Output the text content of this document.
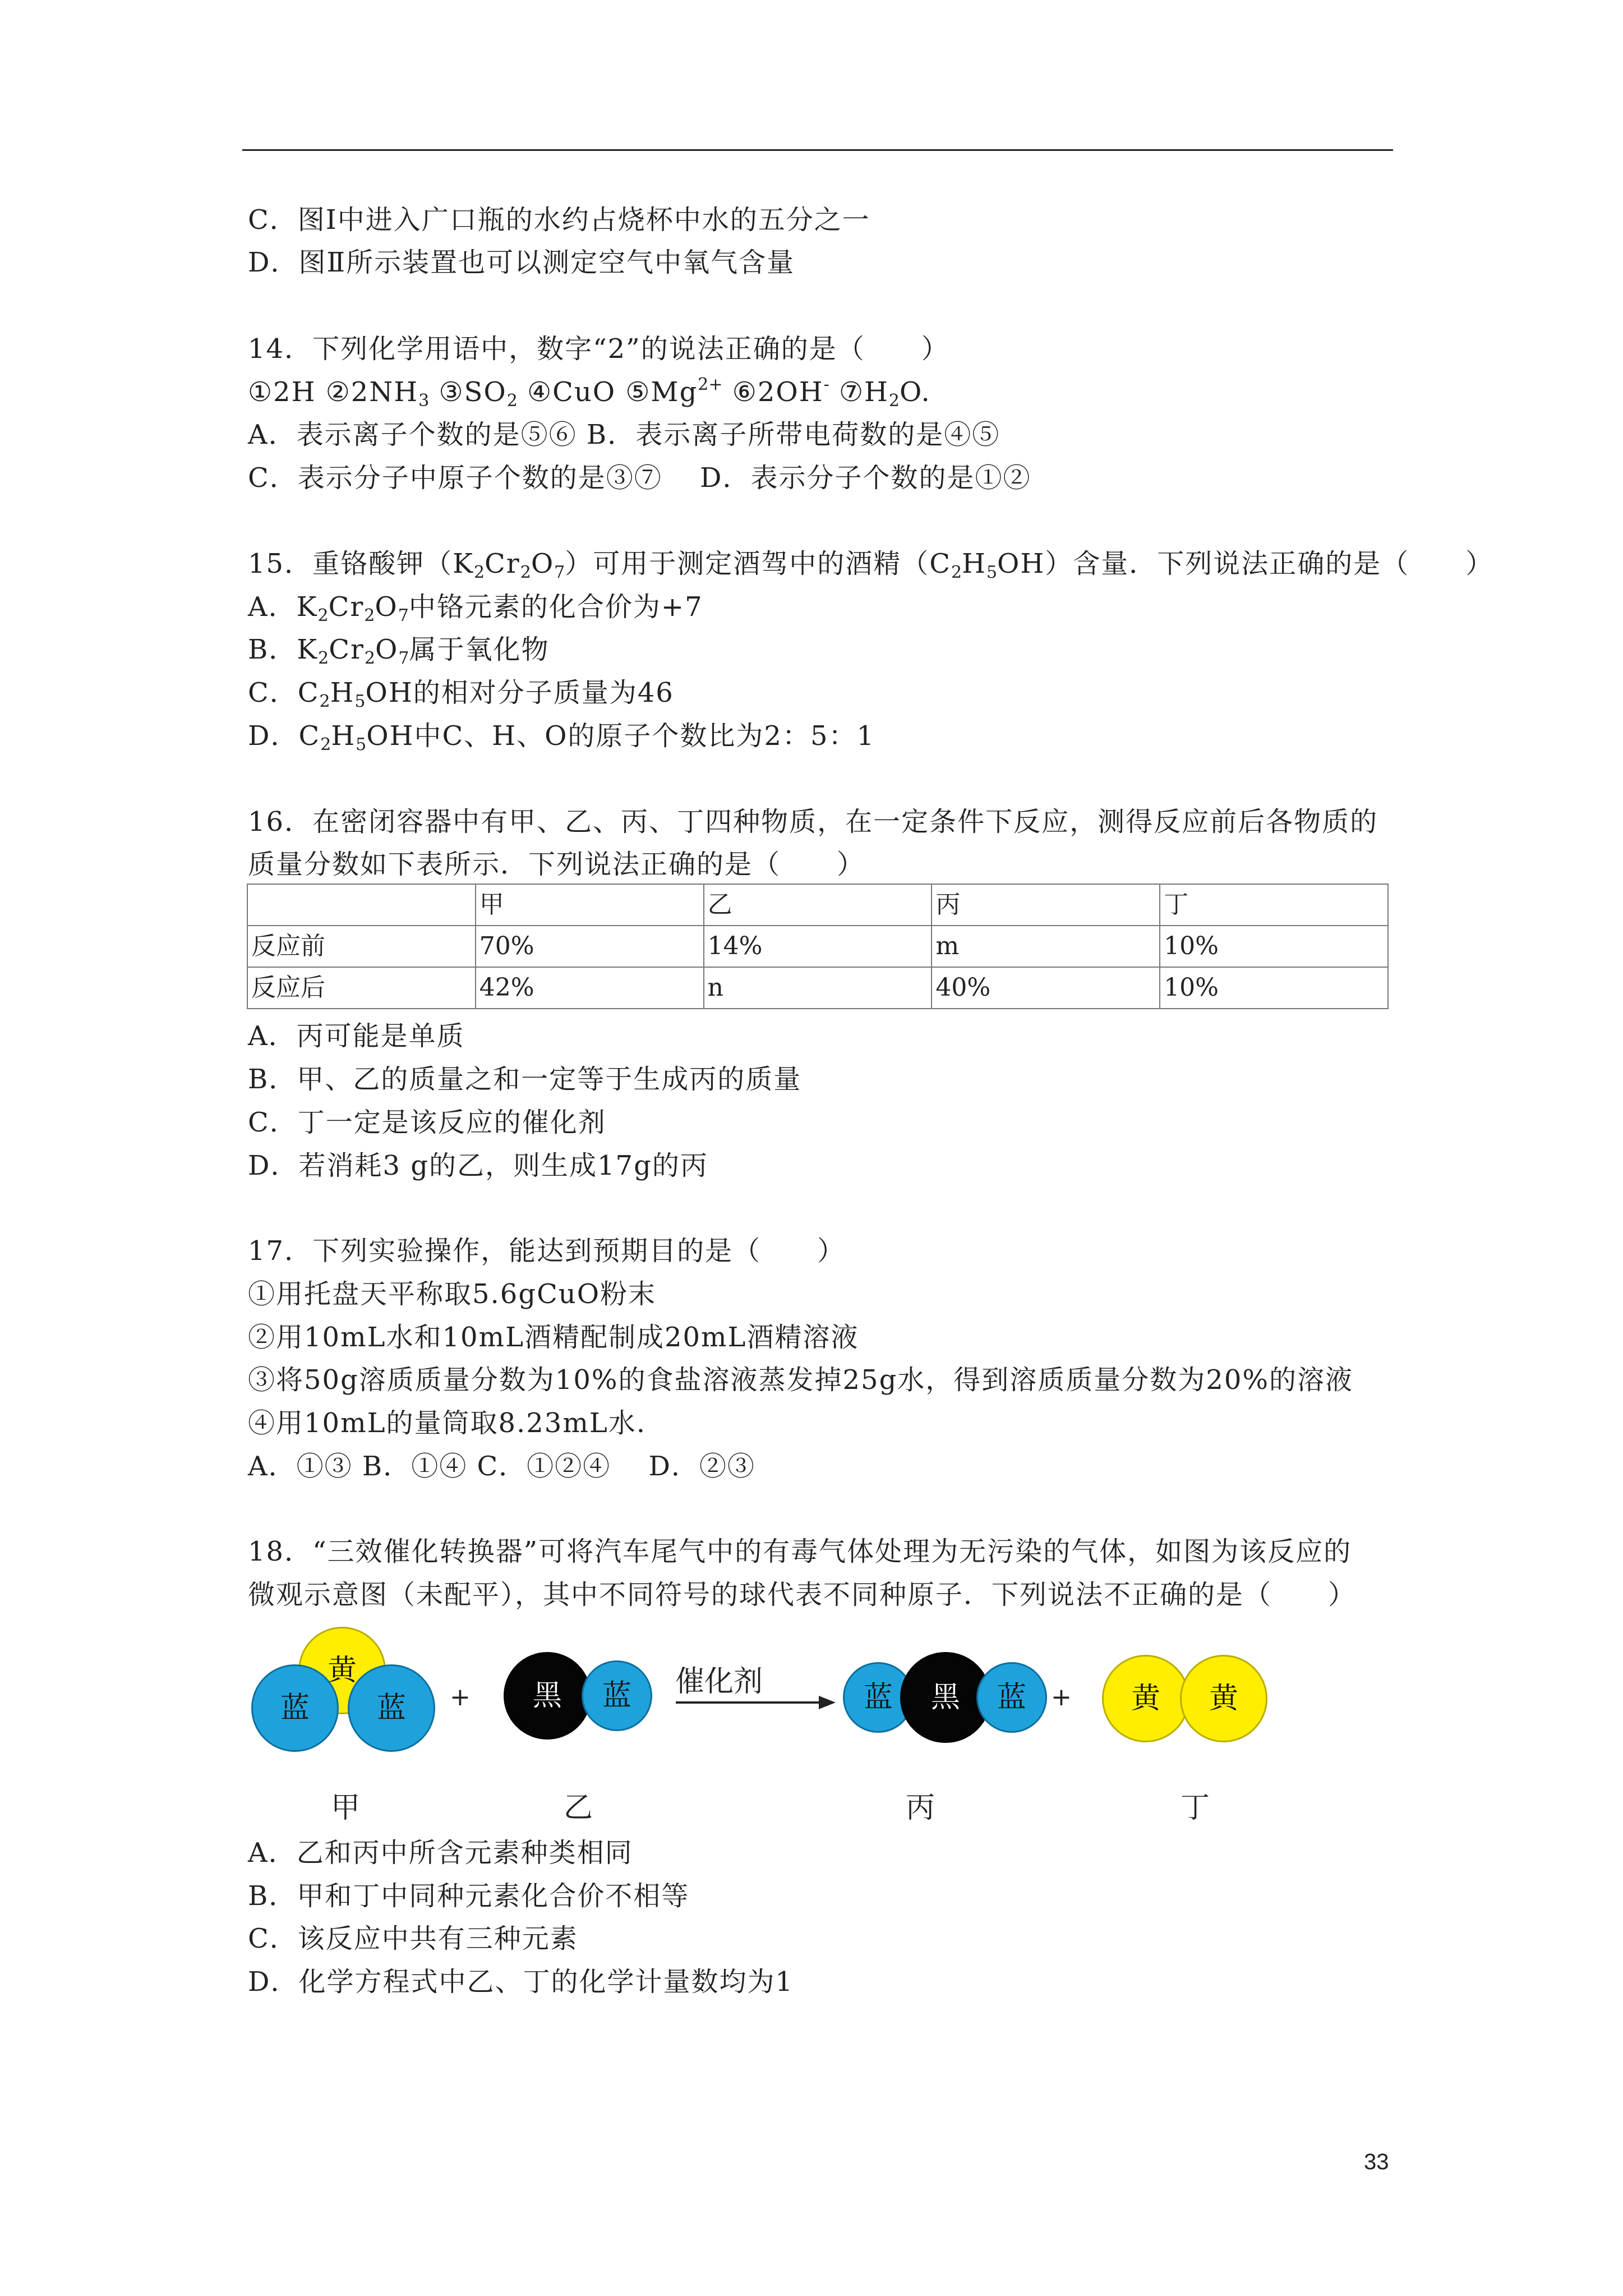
C．图Ⅰ中进入广口瓶的水约占烧杯中水的五分之一
D．图Ⅱ所示装置也可以测定空气中氧气含量
14．下列化学用语中，数字“2”的说法正确的是（　　）
①2H $②2NH_3$ $③SO_2$ ④CuO $⑤Mg^{2+}$ ⑥2OH- $⑦H_2O$.
A．表示离子个数的是⑤⑥ B．表示离子所带电荷数的是④⑤
C．表示分子中原子个数的是③⑦　 D．表示分子个数的是①②
15．重铬酸钾$(K_2Cr_2O_7)$可用于测定酒驾中的酒精$(C_2H_5OH)$含量．下列说法正确的是（　　）
A．$K_2Cr_2O_7$中铬元素的化合价为+7
B．$K_2Cr_2O_7$属于氧化物
C．$C_2H_5OH$的相对分子质量为46
D．$C_2H_5OH$中C、H、O的原子个数比为2：5：1
16．在密闭容器中有甲、乙、丙、丁四种物质，在一定条件下反应，测得反应前后各物质的
质量分数如下表所示．下列说法正确的是（　　）
	甲	乙	丙	丁
反应前	70%	14%	m	10%
反应后	42%	n	40%	10%
A．丙可能是单质
B．甲、乙的质量之和一定等于生成丙的质量
C．丁一定是该反应的催化剂
D．若消耗3 g的乙，则生成17g的丙
17．下列实验操作，能达到预期目的是（　　）
①用托盘天平称取5.6gCuO粉末
②用10mL水和10mL酒精配制成20mL酒精溶液
③将50g溶质质量分数为10%的食盐溶液蒸发掉25g水，得到溶质质量分数为20%的溶液
④用10mL的量筒取8.23mL水.
A．①③ B．①④ C．①②④　 D．②③
18．“三效催化转换器”可将汽车尾气中的有毒气体处理为无污染的气体，如图为该反应的
微观示意图（未配平），其中不同符号的球代表不同种原子．下列说法不正确的是（　　）
黄
蓝	蓝	+	黑	蓝	催化剂	蓝	黑	蓝	+	黄	黄
甲	乙	丙	丁
A．乙和丙中所含元素种类相同
B．甲和丁中同种元素化合价不相等
C．该反应中共有三种元素
D．化学方程式中乙、丁的化学计量数均为1
33
